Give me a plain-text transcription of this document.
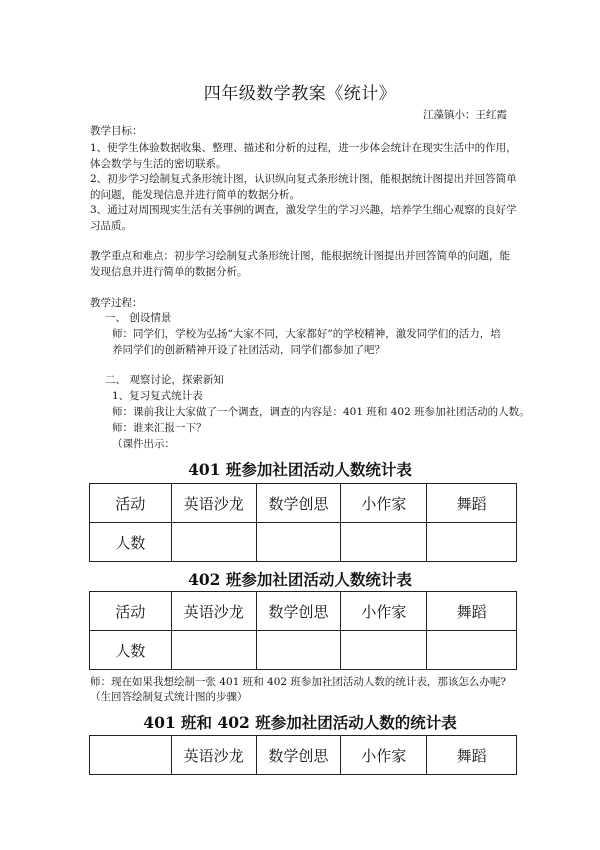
四年级数学教案《统计》
江藻镇小：王红霞
教学目标：
1、使学生体验数据收集、整理、描述和分析的过程，进一步体会统计在现实生活中的作用，
体会数学与生活的密切联系。
2、初步学习绘制复式条形统计图，认识纵向复式条形统计图，能根据统计图提出并回答简单
的问题，能发现信息并进行简单的数据分析。
3、通过对周围现实生活有关事例的调查，激发学生的学习兴趣，培养学生细心观察的良好学
习品质。
教学重点和难点：初步学习绘制复式条形统计图，能根据统计图提出并回答简单的问题，能
发现信息并进行简单的数据分析。
教学过程：
一、 创设情景
师：同学们，学校为弘扬“大家不同，大家都好”的学校精神，激发同学们的活力，培
养同学们的创新精神开设了社团活动，同学们都参加了吧？
二、 观察讨论，探索新知
1、复习复式统计表
师：课前我让大家做了一个调查，调查的内容是：401 班和 402 班参加社团活动的人数。
师：谁来汇报一下？
（课件出示：
401 班参加社团活动人数统计表
活动	英语沙龙	数学创思	小作家	舞蹈
人数				
402 班参加社团活动人数统计表
活动	英语沙龙	数学创思	小作家	舞蹈
人数				
师：现在如果我想绘制一张 401 班和 402 班参加社团活动人数的统计表，那该怎么办呢?
（生回答绘制复式统计图的步骤）
401 班和 402 班参加社团活动人数的统计表
	英语沙龙	数学创思	小作家	舞蹈
